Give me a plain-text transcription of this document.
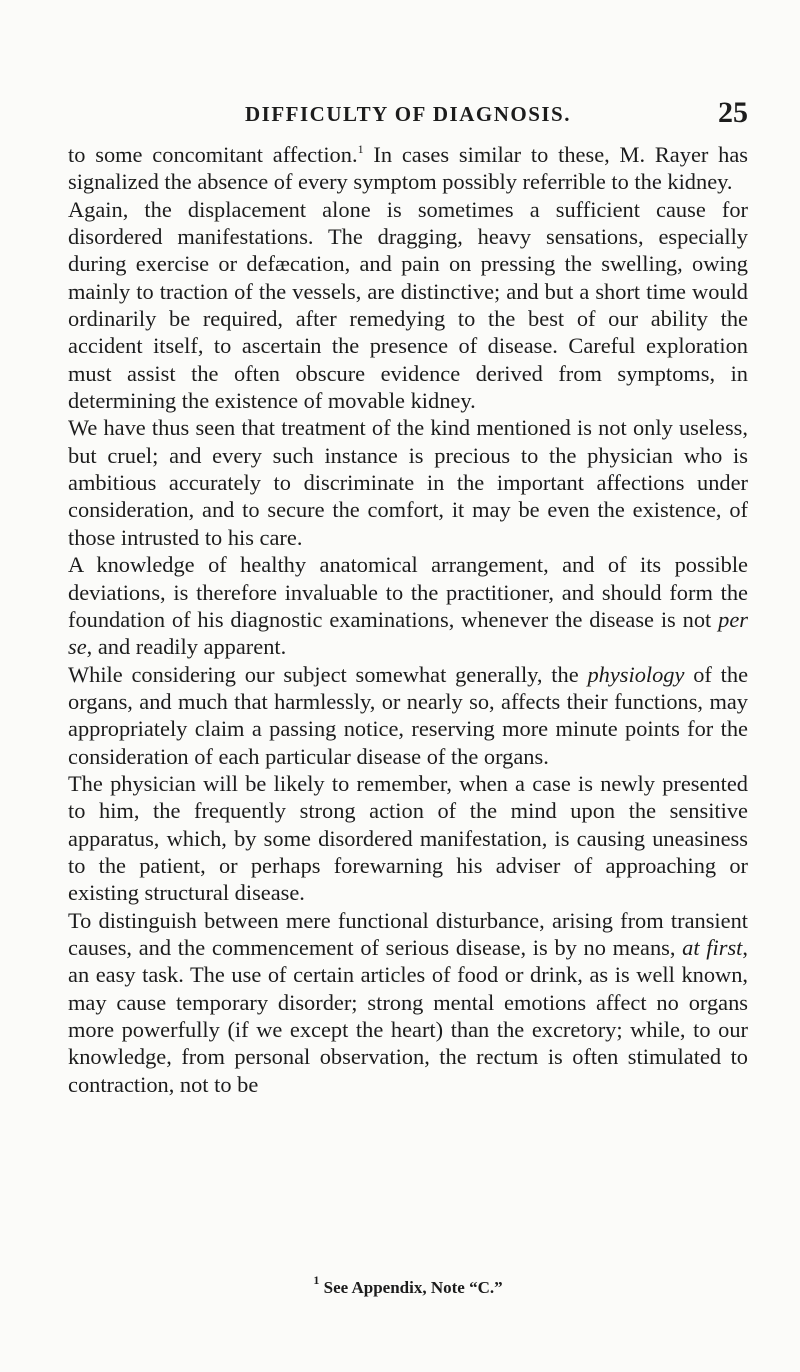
DIFFICULTY OF DIAGNOSIS.	25

to some concomitant affection.$^1$ In cases similar to these, M. Rayer has signalized the absence of every symptom possibly referrible to the kidney.

Again, the displacement alone is sometimes a sufficient cause for disordered manifestations. The dragging, heavy sensations, especially during exercise or defæcation, and pain on pressing the swelling, owing mainly to traction of the vessels, are distinctive; and but a short time would ordinarily be required, after remedying to the best of our ability the accident itself, to ascertain the presence of disease. Careful exploration must assist the often obscure evidence derived from symptoms, in determining the existence of movable kidney.

We have thus seen that treatment of the kind mentioned is not only useless, but cruel; and every such instance is precious to the physician who is ambitious accurately to discriminate in the important affections under consideration, and to secure the comfort, it may be even the existence, of those intrusted to his care.

A knowledge of healthy anatomical arrangement, and of its possible deviations, is therefore invaluable to the practitioner, and should form the foundation of his diagnostic examinations, whenever the disease is not per se, and readily apparent.

While considering our subject somewhat generally, the physiology of the organs, and much that harmlessly, or nearly so, affects their functions, may appropriately claim a passing notice, reserving more minute points for the consideration of each particular disease of the organs.

The physician will be likely to remember, when a case is newly presented to him, the frequently strong action of the mind upon the sensitive apparatus, which, by some disordered manifestation, is causing uneasiness to the patient, or perhaps forewarning his adviser of approaching or existing structural disease.

To distinguish between mere functional disturbance, arising from transient causes, and the commencement of serious disease, is by no means, at first, an easy task. The use of certain articles of food or drink, as is well known, may cause temporary disorder; strong mental emotions affect no organs more powerfully (if we except the heart) than the excretory; while, to our knowledge, from personal observation, the rectum is often stimulated to contraction, not to be

$^1$ See Appendix, Note “C.”
